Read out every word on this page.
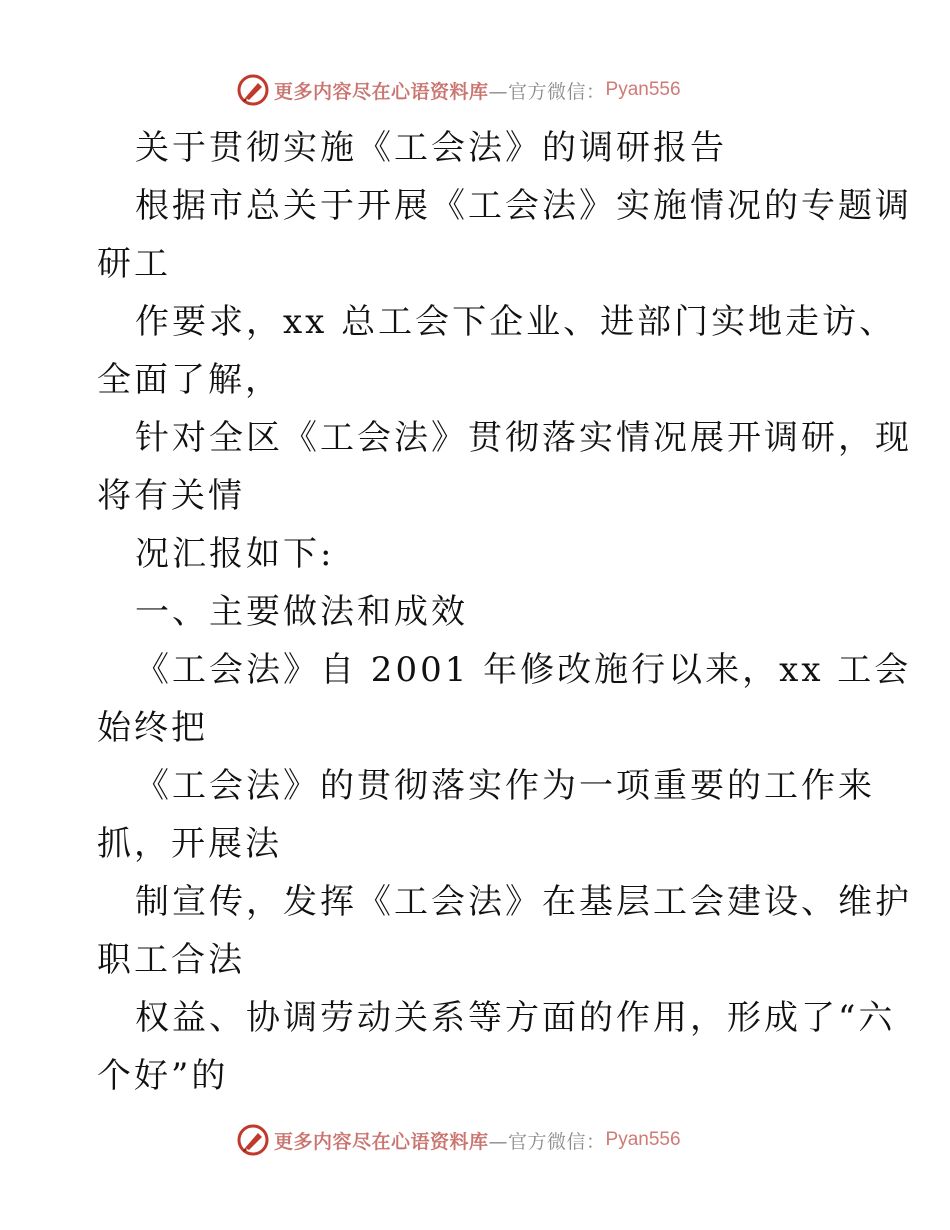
更多内容尽在心语资料库 —官方微信： Pyan556
关于贯彻实施《工会法》的调研报告
根据市总关于开展《工会法》实施情况的专题调
研工
作要求，xx 总工会下企业、进部门实地走访、
全面了解，
针对全区《工会法》贯彻落实情况展开调研，现
将有关情
况汇报如下:
一、主要做法和成效
《工会法》自 2001 年修改施行以来，xx 工会
始终把
《工会法》的贯彻落实作为一项重要的工作来
抓，开展法
制宣传，发挥《工会法》在基层工会建设、维护
职工合法
权益、协调劳动关系等方面的作用，形成了“六
个好”的
更多内容尽在心语资料库 —官方微信： Pyan556
